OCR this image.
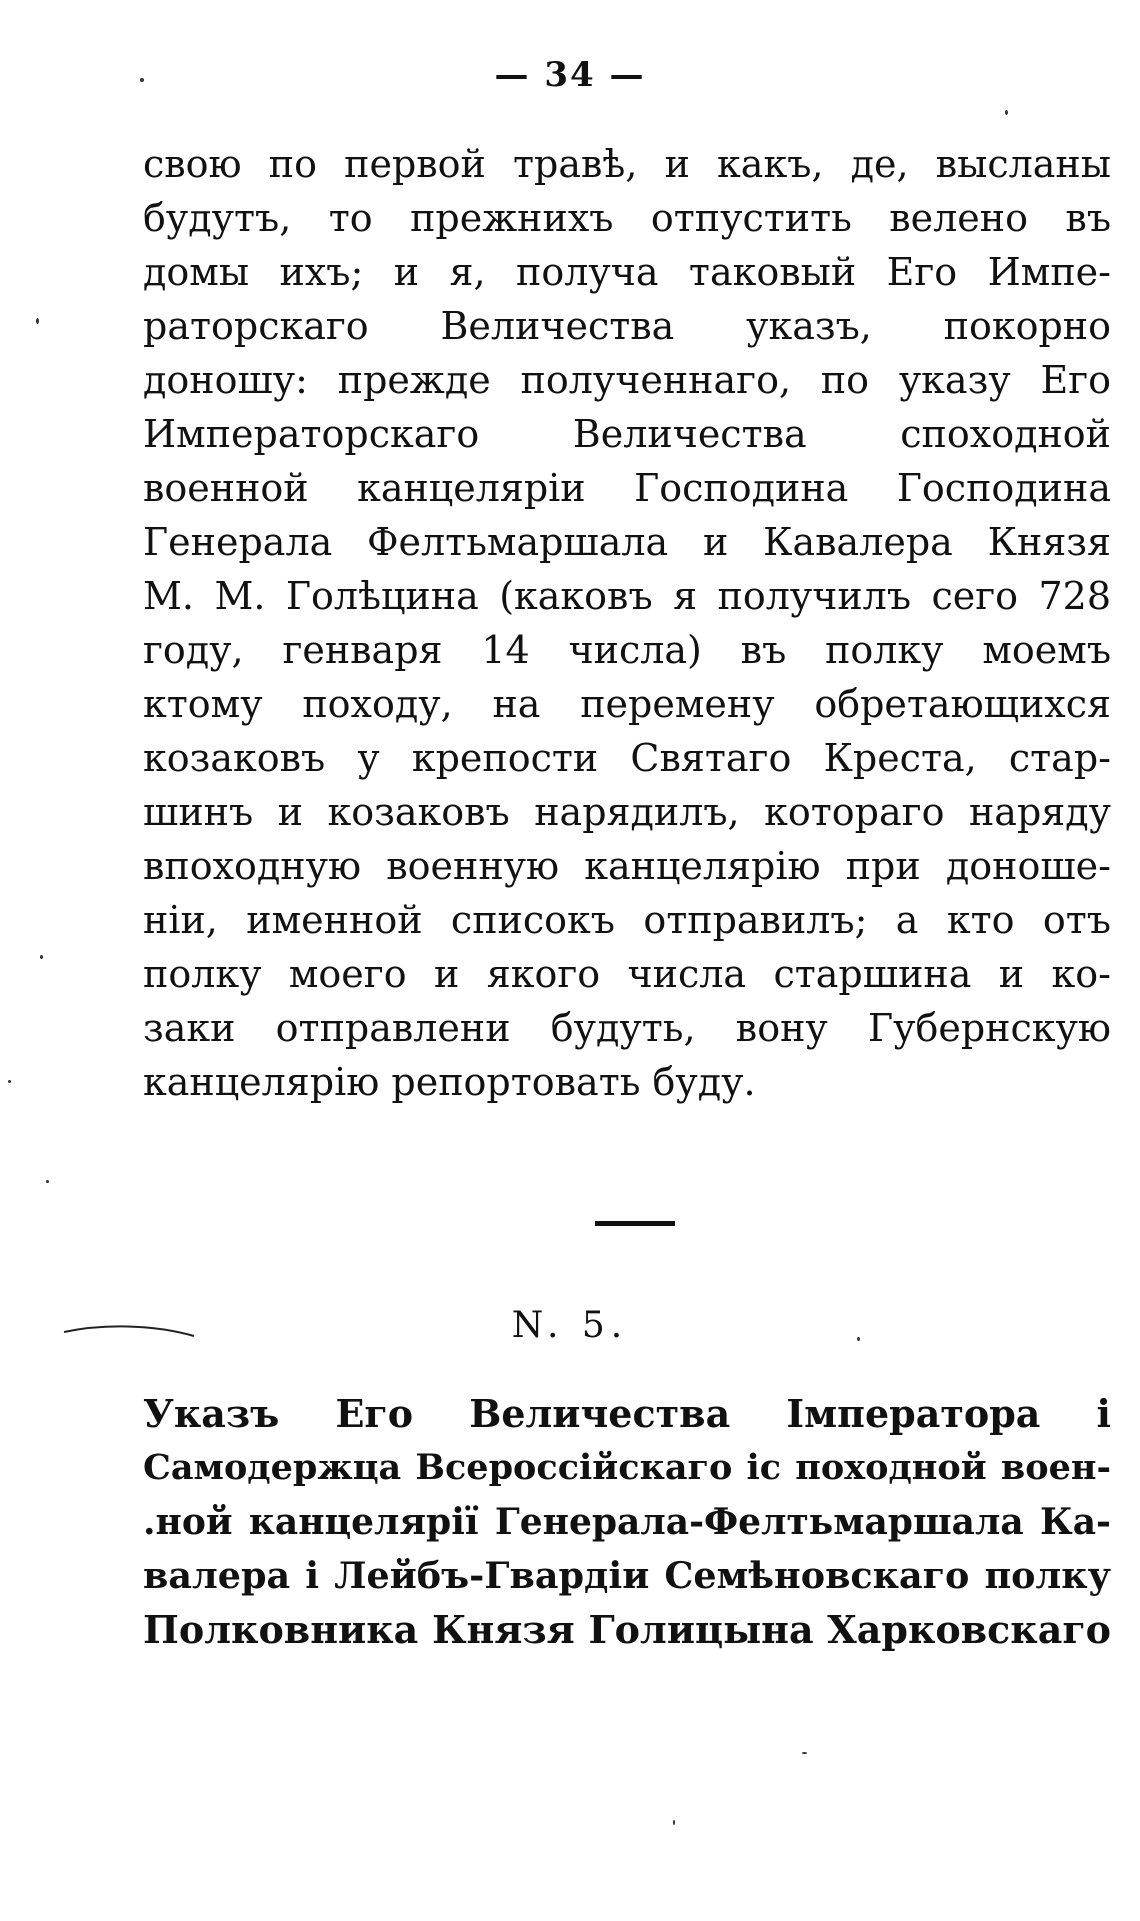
— 34 —
свою по первой травѣ, и какъ, де, высланы
будутъ, то прежнихъ отпустить велено въ
домы ихъ; и я, получа таковый Его Импе-
раторскаго Величества указъ, покорно
доношу: прежде полученнаго, по указу Его
Императорскаго Величества споходной
военной канцеляріи Господина Господина
Генерала Фелтьмаршала и Кавалера Князя
М. М. Голѣцина (каковъ я получилъ сего 728
году, генваря 14 числа) въ полку моемъ
ктому походу, на перемену обретающихся
козаковъ у крепости Святаго Креста, стар-
шинъ и козаковъ нарядилъ, котораго наряду
впоходную военную канцелярію при доноше-
ніи, именной списокъ отправилъ; а кто отъ
полку моего и якого числа старшина и ко-
заки отправлени будуть, вону Губернскую
канцелярію репортовать буду.
N. 5.
Указъ Его Величества Імператора і
Самодержца Всероссійскаго іс походной воен-
.ной канцелярії Генерала-Фелтьмаршала Ка-
валера і Лейбъ-Гвардіи Семѣновскаго полку
Полковника Князя Голицына Харковскаго
